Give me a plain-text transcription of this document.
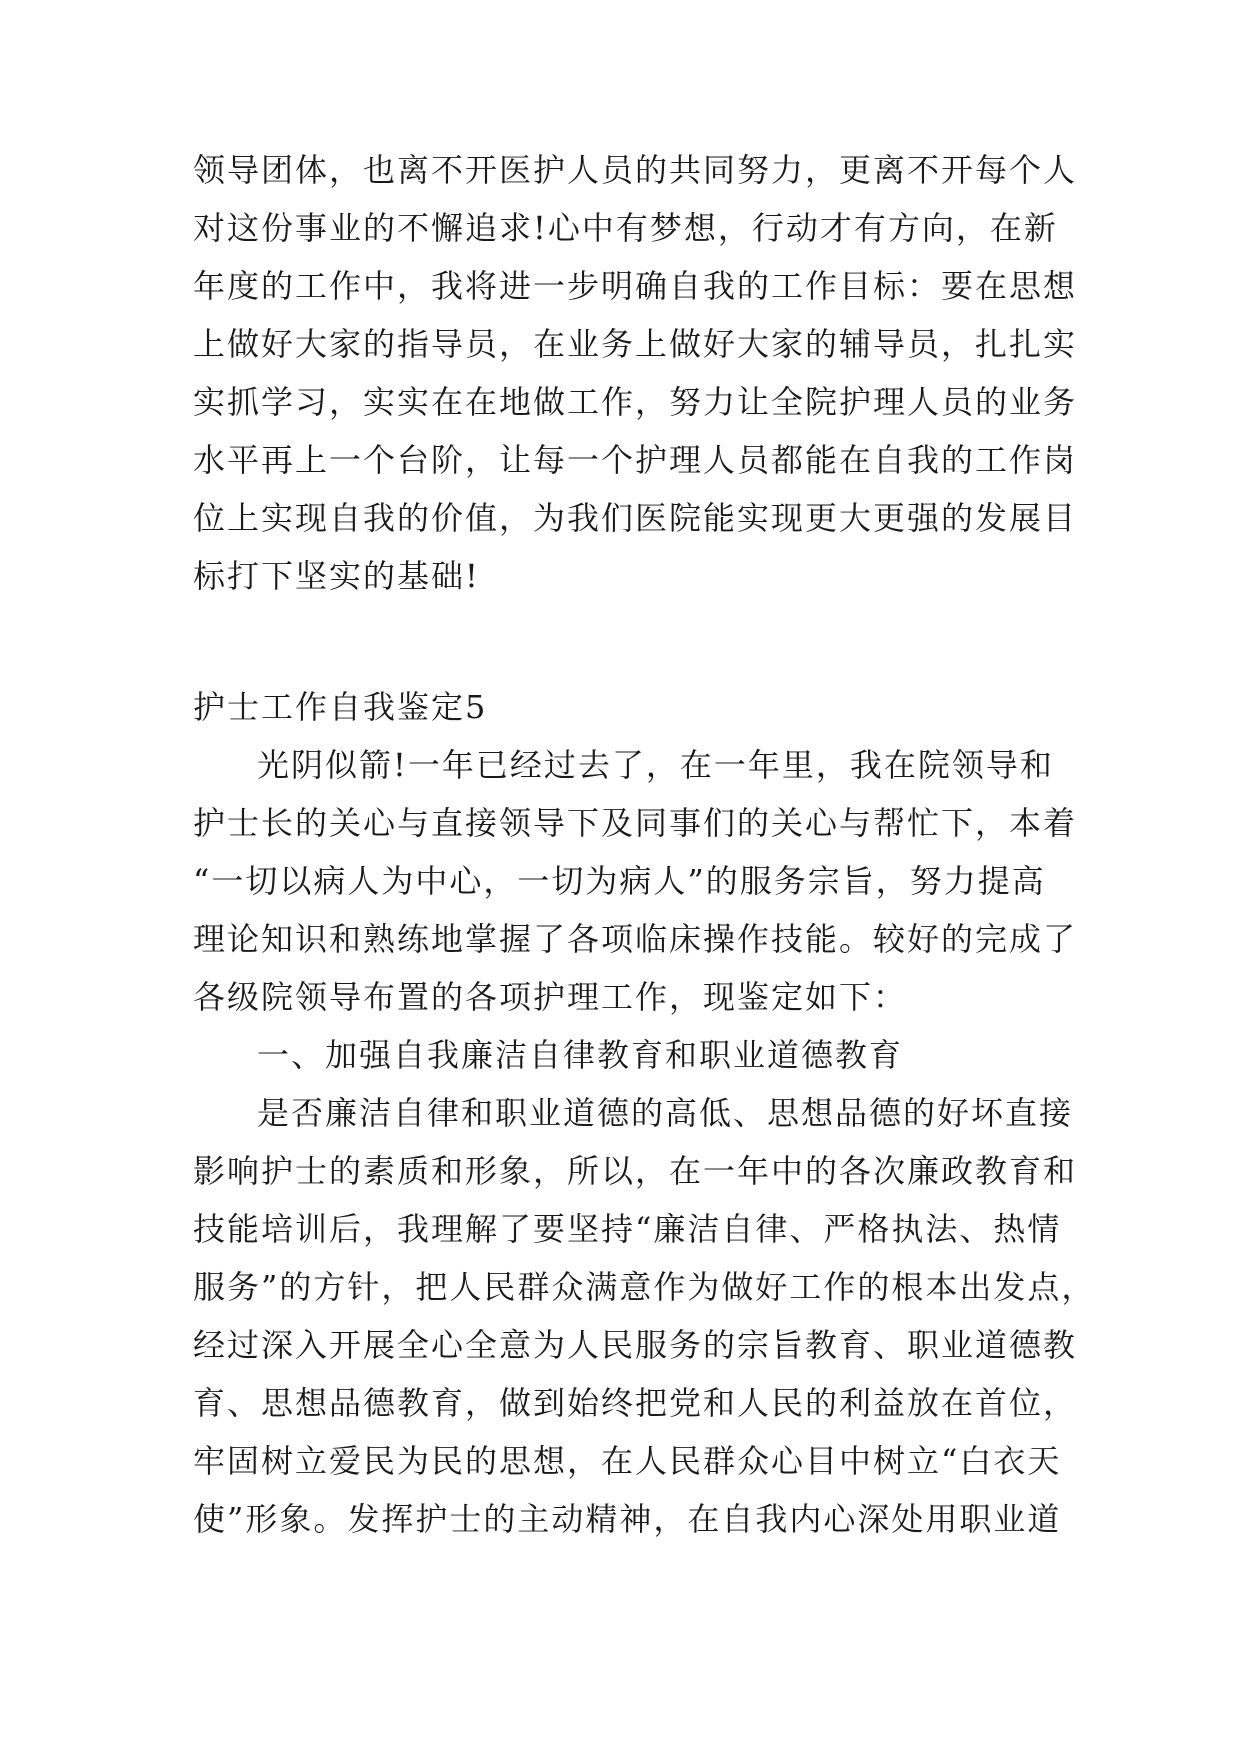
领导团体，也离不开医护人员的共同努力，更离不开每个人
对这份事业的不懈追求!心中有梦想，行动才有方向，在新
年度的工作中，我将进一步明确自我的工作目标：要在思想
上做好大家的指导员，在业务上做好大家的辅导员，扎扎实
实抓学习，实实在在地做工作，努力让全院护理人员的业务
水平再上一个台阶，让每一个护理人员都能在自我的工作岗
位上实现自我的价值，为我们医院能实现更大更强的发展目
标打下坚实的基础!
护士工作自我鉴定5
光阴似箭!一年已经过去了，在一年里，我在院领导和
护士长的关心与直接领导下及同事们的关心与帮忙下，本着
“一切以病人为中心，一切为病人”的服务宗旨，努力提高
理论知识和熟练地掌握了各项临床操作技能。较好的完成了
各级院领导布置的各项护理工作，现鉴定如下：
一、加强自我廉洁自律教育和职业道德教育
是否廉洁自律和职业道德的高低、思想品德的好坏直接
影响护士的素质和形象，所以，在一年中的各次廉政教育和
技能培训后，我理解了要坚持“廉洁自律、严格执法、热情
服务”的方针，把人民群众满意作为做好工作的根本出发点，
经过深入开展全心全意为人民服务的宗旨教育、职业道德教
育、思想品德教育，做到始终把党和人民的利益放在首位，
牢固树立爱民为民的思想，在人民群众心目中树立“白衣天
使”形象。发挥护士的主动精神，在自我内心深处用职业道
